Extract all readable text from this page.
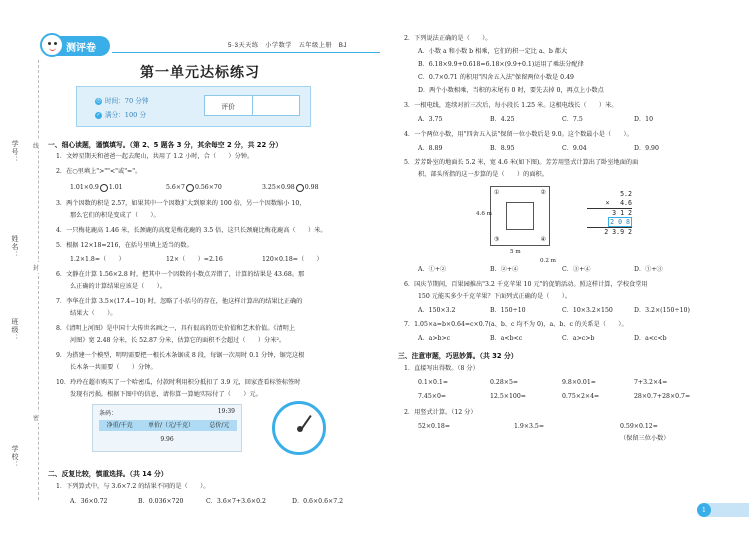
学号：
姓名：
班级：
学校：
线
封
密
测评卷	5·3天天练　小学数学　五年级上册　BJ
第一单元达标练习
◷ 时间：70 分钟
✓ 满分：100 分
评价
一、细心读题，谨慎填写。（第 2、5 题各 3 分，其余每空 2 分，共 22 分）
1．文婷星期天和爸爸一起去爬山，共用了 1.2 小时，合（　　）分钟。
2．在○里填上">""<"或"="。
1.01×0.9 1.01	5.6×7 0.56×70	3.25×0.98 0.98
3．两个因数的积是 2.57，如果其中一个因数扩大到原来的 100 倍，另一个因数缩小 10，
那么它们的积是变成了（　　）。
4．一只梅花鹿高 1.46 米，长颈鹿的高度是梅花鹿的 3.5 倍，这只长颈鹿比梅花鹿高（　　）米。
5．根据 12×18=216，在括号里填上适当的数。
1.2×1.8=（　　）	12×（　　）=2.16	120×0.18=（　　）
6．文静在计算 1.56×2.8 时，把其中一个因数的小数点弄错了，计算的结果是 43.68。那
么正确的计算结果应该是（　　）。
7．李华在计算 3.5×(17.4−10) 时，忽略了小括号的存在，他这样计算出的结果比正确的
结果大（　　）。
8．《清明上河图》是中国十大传世名画之一，具有很高的历史价值和艺术价值。《清明上
河图》宽 2.48 分米，长 52.87 分米，估算它的面积不会超过（　　）分米²。
9．为搭建一个模型，明明需要把一根长木条锯成 8 段，每锯一次用时 0.1 分钟，锯完这根
长木条一共需要（　　）分钟。
10．玲玲在超市购买了一个哈密瓜，付款时利用积分抵扣了 3.9 元，回家查看标签标签时
发现有污损。根据下图中的信息，请你算一算她实际付了（　　）元。
条码：	19:39
净重/千克	单价/（元/千克）	总价/元
9.96
二、反复比较，慎重选择。（共 14 分）
1．下列算式中，与 3.6×7.2 的结果不同的是（　　）。
A．36×0.72	B．0.036×720	C．3.6×7+3.6×0.2	D．0.6×0.6×7.2
2．下列说法正确的是（　　）。
A．小数 a 和小数 b 相乘，它们的积一定比 a、b 都大
B．6.18×9.9+0.618=6.18×(9.9+0.1)运用了乘法分配律
C．0.7×0.71 的积用"四舍五入法"保留两位小数是 0.49
D．两个小数相乘，当积的末尾有 0 时，要先去掉 0，再点上小数点
3．一根电线，连续对折三次后，每小段长 1.25 米。这根电线长（　　）米。
A．3.75	B．4.25	C．7.5	D．10
4．一个两位小数，用"四舍五入法"保留一位小数后是 9.0。这个数最小是（　　）。
A．8.89	B．8.95	C．9.04	D．9.90
5．芳芳卧室的地面长 5.2 米，宽 4.6 米(如下图)。芳芳用竖式计算出了卧室地面的面
积，部头所指的这一步算的是（　　）的面积。
①	②
③	④
4.6 m
5 m
0.2 m
5.2
× 　4.6
3 1 2
2 0 8
2 3.9 2
A．①+②	B．②+④	C．③+④	D．①+③
6．国庆节期间，百果园推出"3.2 千克苹果 10 元"的促销活动。照这样计算，学校食堂用
150 元能买多少千克苹果？下面列式正确的是（　　）。
A．150×3.2	B．150÷10	C．10×3.2×150	D．3.2×(150÷10)
7．1.05×a=b×0.64=c×0.7(a、b、c 均不为 0)，a、b、c 的关系是（　　）。
A．a>b>c	B．a<b<c	C．a>c>b	D．a<c<b
三、注意审题，巧思妙算。（共 32 分）
1．直接写出得数。（8 分）
0.1×0.1=	0.28×5=	9.8×0.01=	7+3.2×4=
7.45×0=	12.5×100=	0.75×2×4=	28×0.7+28×0.7=
2．用竖式计算。（12 分）
52×0.18=	1.9×3.5=	0.59×0.12≈
（保留三位小数）
1
